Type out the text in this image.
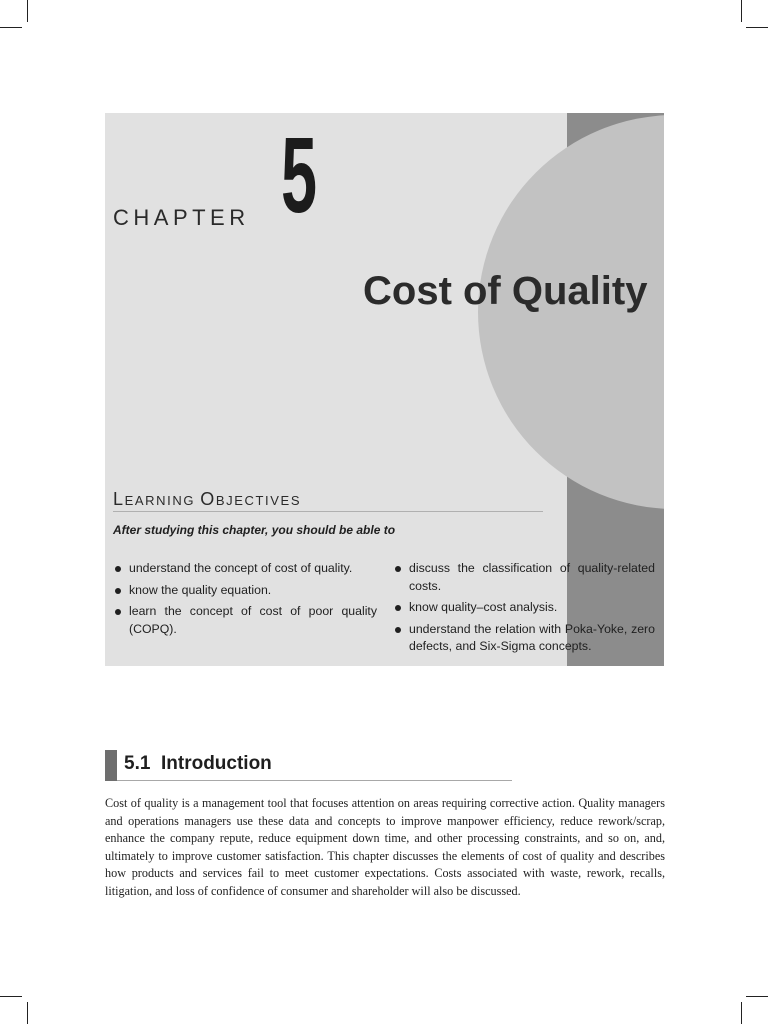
CHAPTER 5
Cost of Quality
LEARNING OBJECTIVES
After studying this chapter, you should be able to
understand the concept of cost of quality.
know the quality equation.
learn the concept of cost of poor quality (COPQ).
discuss the classification of quality-related costs.
know quality–cost analysis.
understand the relation with Poka-Yoke, zero defects, and Six-Sigma concepts.
5.1 Introduction

Cost of quality is a management tool that focuses attention on areas requiring corrective action. Quality managers and operations managers use these data and concepts to improve manpower efficiency, reduce rework/scrap, enhance the company repute, reduce equipment down time, and other processing constraints, and so on, and, ultimately to improve customer satisfaction. This chapter discusses the elements of cost of quality and describes how products and services fail to meet customer expectations. Costs associated with waste, rework, recalls, litigation, and loss of confidence of consumer and shareholder will also be discussed.
